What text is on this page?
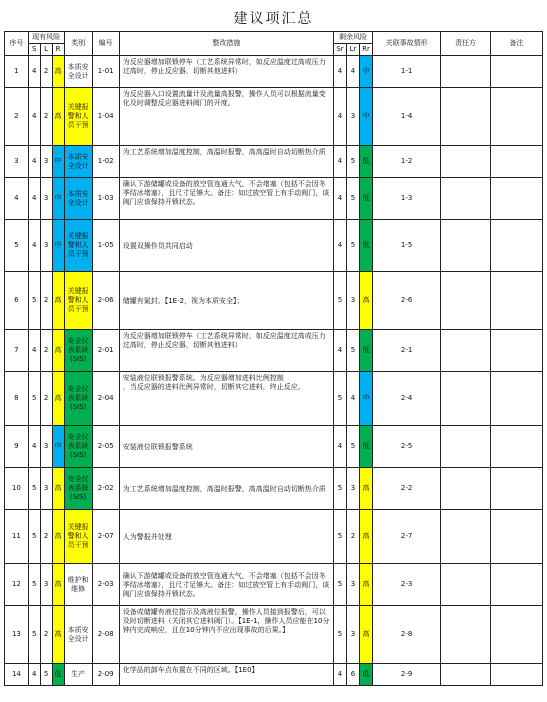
建议项汇总
序号	现有风险			类别	编号	整改措施	剩余风险			关联事故情形	责任方	备注
	S	L	R				Sr	Lr	Rr			
1	4	2	高	本质安全设计	1-01	为反应器增加联锁停车（工艺系统异常时，如反应温度过高或压力过高时，停止反应器，切断其他进料）	4	4	中	1-1		
2	4	2	高	关键报警和人员干预	1-04	为反应器入口设置流量计及流量高报警，操作人员可以根据流量变化及时调整反应器进料阀门的开度。	4	3	中	1-4		
3	4	3	中	本质安全设计	1-02	为工艺系统增加温度控制，高温时报警，高高温时自动切断热介质	4	5	低	1-2		
4	4	3	中	本质安全设计	1-03	确认下游储罐或设备的放空管连通大气，不会堵塞（包括不会因冬季结冰堵塞），且尺寸足够大。备注：如过放空管上有手动阀门，该阀门应该保持开锁状态。	4	5	低	1-3		
5	4	3	中	关键报警和人员干预	1-05	设置双操作员共同启动	4	5	低	1-5		
6	5	2	高	关键报警和人员干预	2-06	储罐有氮封。【1E-2，视为本质安全】；	5	3	高	2-6		
7	4	2	高	安全仪表系统(SIS)	2-01	为反应器增加联锁停车（工艺系统异常时，如反应温度过高或压力过高时，停止反应器，切断其他进料）	4	5	低	2-1		
8	5	2	高	安全仪表系统(SIS)	2-04	安装液位联锁报警系统。为反应器增加进料比例控制
，当反应器的进料比例异常时，切断其它进料，终止反应。	5	4	中	2-4		
9	4	3	中	安全仪表系统(SIS)	2-05	安装液位联锁报警系统	4	5	低	2-5		
10	5	3	高	安全仪表系统(SIS)	2-02	为工艺系统增加温度控制，高温时报警，高高温时自动切断热介质	5	3	高	2-2		
11	5	2	高	关键报警和人员干预	2-07	人为警报并处理	5	2	高	2-7		
12	5	3	高	维护和维修	2-03	确认下游储罐或设备的放空管连通大气，不会堵塞（包括不会因冬季结冰堵塞），且尺寸足够大。备注：如过放空管上有手动阀门，该阀门应该保持开锁状态。	5	3	高	2-3		
13	5	2	高	本质安全设计	2-08	设备或储罐有液位指示及高液位报警，操作人员接到报警后，可以及时切断进料（关闭其它进料阀门）。【1E-1，操作人员应能在10分钟内完成响应，且在10分钟内不应出现事故的后果。】	5	3	高	2-8		
14	4	5	低	生产	2-09	化学品的卸车点布置在不同的区域。【1E0】	4	6	低	2-9		
